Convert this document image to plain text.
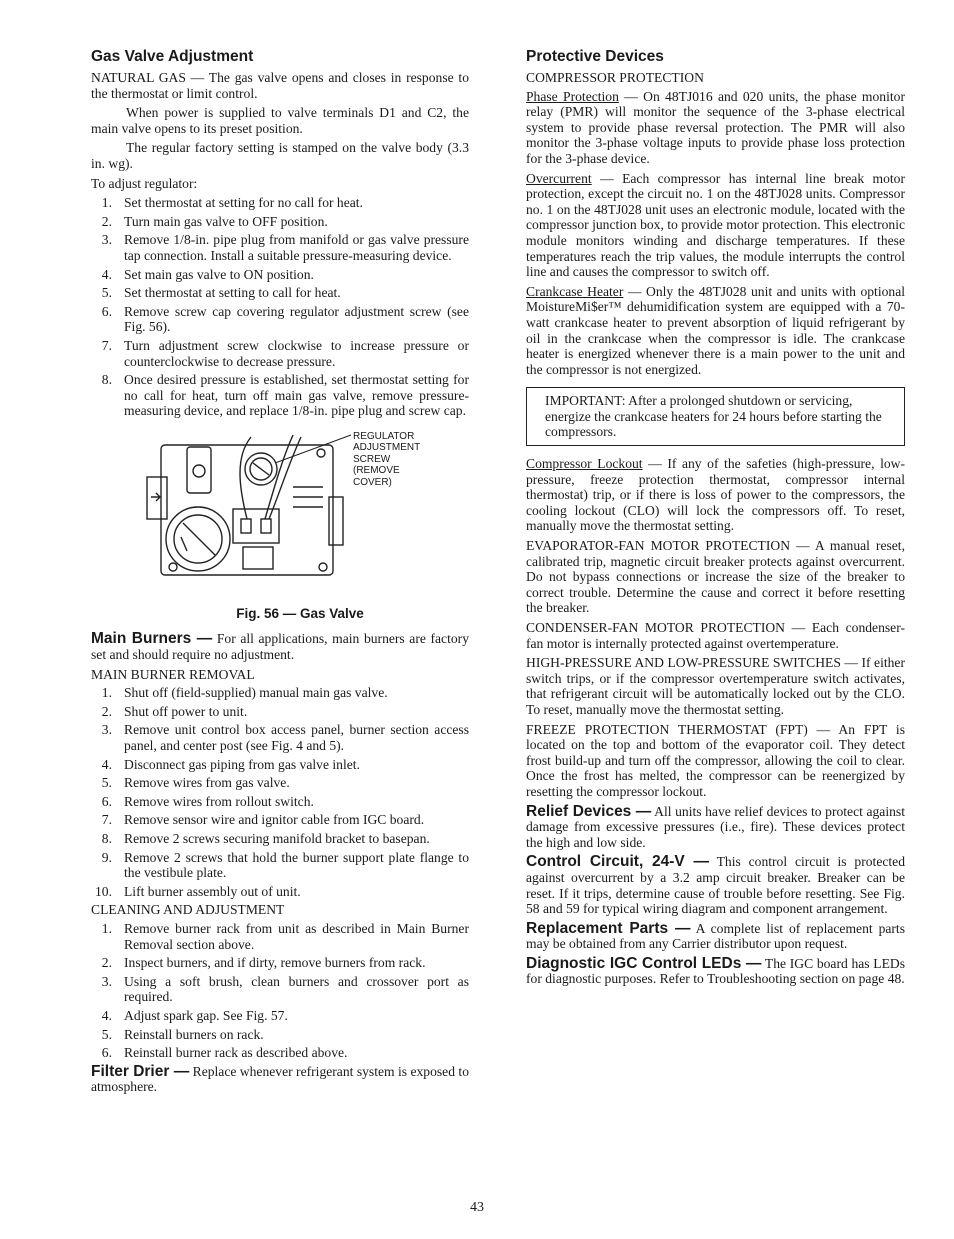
Gas Valve Adjustment

NATURAL GAS — The gas valve opens and closes in response to the thermostat or limit control.

When power is supplied to valve terminals D1 and C2, the main valve opens to its preset position.

The regular factory setting is stamped on the valve body (3.3 in. wg).

To adjust regulator:

1. Set thermostat at setting for no call for heat.
2. Turn main gas valve to OFF position.
3. Remove 1/8-in. pipe plug from manifold or gas valve pressure tap connection. Install a suitable pressure-measuring device.
4. Set main gas valve to ON position.
5. Set thermostat at setting to call for heat.
6. Remove screw cap covering regulator adjustment screw (see Fig. 56).
7. Turn adjustment screw clockwise to increase pressure or counterclockwise to decrease pressure.
8. Once desired pressure is established, set thermostat setting for no call for heat, turn off main gas valve, remove pressure-measuring device, and replace 1/8-in. pipe plug and screw cap.
REGULATOR
ADJUSTMENT
SCREW
(REMOVE
COVER)
Fig. 56 — Gas Valve

Main Burners — For all applications, main burners are factory set and should require no adjustment.

MAIN BURNER REMOVAL
1. Shut off (field-supplied) manual main gas valve.
2. Shut off power to unit.
3. Remove unit control box access panel, burner section access panel, and center post (see Fig. 4 and 5).
4. Disconnect gas piping from gas valve inlet.
5. Remove wires from gas valve.
6. Remove wires from rollout switch.
7. Remove sensor wire and ignitor cable from IGC board.
8. Remove 2 screws securing manifold bracket to basepan.
9. Remove 2 screws that hold the burner support plate flange to the vestibule plate.
10. Lift burner assembly out of unit.
CLEANING AND ADJUSTMENT
1. Remove burner rack from unit as described in Main Burner Removal section above.
2. Inspect burners, and if dirty, remove burners from rack.
3. Using a soft brush, clean burners and crossover port as required.
4. Adjust spark gap. See Fig. 57.
5. Reinstall burners on rack.
6. Reinstall burner rack as described above.

Filter Drier — Replace whenever refrigerant system is exposed to atmosphere.

Protective Devices
COMPRESSOR PROTECTION

Phase Protection — On 48TJ016 and 020 units, the phase monitor relay (PMR) will monitor the sequence of the 3-phase electrical system to provide phase reversal protection. The PMR will also monitor the 3-phase voltage inputs to provide phase loss protection for the 3-phase device.

Overcurrent — Each compressor has internal line break motor protection, except the circuit no. 1 on the 48TJ028 units. Compressor no. 1 on the 48TJ028 unit uses an electronic module, located with the compressor junction box, to provide motor protection. This electronic module monitors winding and discharge temperatures. If these temperatures reach the trip values, the module interrupts the control line and causes the compressor to switch off.

Crankcase Heater — Only the 48TJ028 unit and units with optional MoistureMi$er™ dehumidification system are equipped with a 70-watt crankcase heater to prevent absorption of liquid refrigerant by oil in the crankcase when the compressor is idle. The crankcase heater is energized whenever there is a main power to the unit and the compressor is not energized.

IMPORTANT: After a prolonged shutdown or servicing, energize the crankcase heaters for 24 hours before starting the compressors.

Compressor Lockout — If any of the safeties (high-pressure, low-pressure, freeze protection thermostat, compressor internal thermostat) trip, or if there is loss of power to the compressors, the cooling lockout (CLO) will lock the compressors off. To reset, manually move the thermostat setting.

EVAPORATOR-FAN MOTOR PROTECTION — A manual reset, calibrated trip, magnetic circuit breaker protects against overcurrent. Do not bypass connections or increase the size of the breaker to correct trouble. Determine the cause and correct it before resetting the breaker.

CONDENSER-FAN MOTOR PROTECTION — Each condenser-fan motor is internally protected against overtemperature.

HIGH-PRESSURE AND LOW-PRESSURE SWITCHES — If either switch trips, or if the compressor overtemperature switch activates, that refrigerant circuit will be automatically locked out by the CLO. To reset, manually move the thermostat setting.

FREEZE PROTECTION THERMOSTAT (FPT) — An FPT is located on the top and bottom of the evaporator coil. They detect frost build-up and turn off the compressor, allowing the coil to clear. Once the frost has melted, the compressor can be reenergized by resetting the compressor lockout.

Relief Devices — All units have relief devices to protect against damage from excessive pressures (i.e., fire). These devices protect the high and low side.

Control Circuit, 24-V — This control circuit is protected against overcurrent by a 3.2 amp circuit breaker. Breaker can be reset. If it trips, determine cause of trouble before resetting. See Fig. 58 and 59 for typical wiring diagram and component arrangement.

Replacement Parts — A complete list of replacement parts may be obtained from any Carrier distributor upon request.

Diagnostic IGC Control LEDs — The IGC board has LEDs for diagnostic purposes. Refer to Troubleshooting section on page 48.

43
